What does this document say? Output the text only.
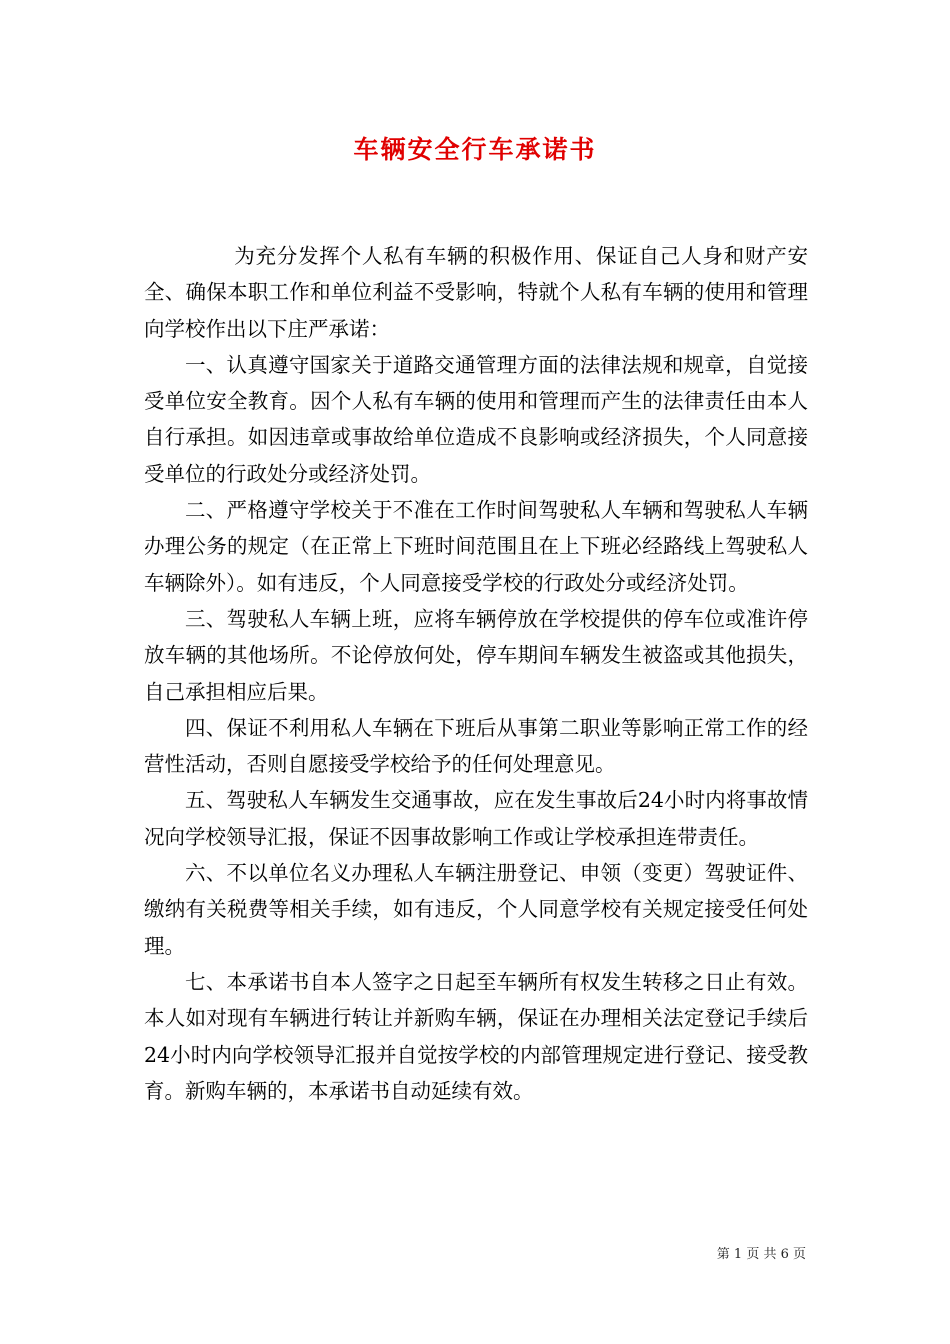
车辆安全行车承诺书

为充分发挥个人私有车辆的积极作用、保证自己人身和财产安全、确保本职工作和单位利益不受影响，特就个人私有车辆的使用和管理向学校作出以下庄严承诺：

一、认真遵守国家关于道路交通管理方面的法律法规和规章，自觉接受单位安全教育。因个人私有车辆的使用和管理而产生的法律责任由本人自行承担。如因违章或事故给单位造成不良影响或经济损失，个人同意接受单位的行政处分或经济处罚。

二、严格遵守学校关于不准在工作时间驾驶私人车辆和驾驶私人车辆办理公务的规定（在正常上下班时间范围且在上下班必经路线上驾驶私人车辆除外）。如有违反，个人同意接受学校的行政处分或经济处罚。

三、驾驶私人车辆上班，应将车辆停放在学校提供的停车位或准许停放车辆的其他场所。不论停放何处，停车期间车辆发生被盗或其他损失，自己承担相应后果。

四、保证不利用私人车辆在下班后从事第二职业等影响正常工作的经营性活动，否则自愿接受学校给予的任何处理意见。

五、驾驶私人车辆发生交通事故，应在发生事故后24小时内将事故情况向学校领导汇报，保证不因事故影响工作或让学校承担连带责任。

六、不以单位名义办理私人车辆注册登记、申领（变更）驾驶证件、缴纳有关税费等相关手续，如有违反，个人同意学校有关规定接受任何处理。

七、本承诺书自本人签字之日起至车辆所有权发生转移之日止有效。本人如对现有车辆进行转让并新购车辆，保证在办理相关法定登记手续后24小时内向学校领导汇报并自觉按学校的内部管理规定进行登记、接受教育。新购车辆的，本承诺书自动延续有效。

第 1 页 共 6 页
